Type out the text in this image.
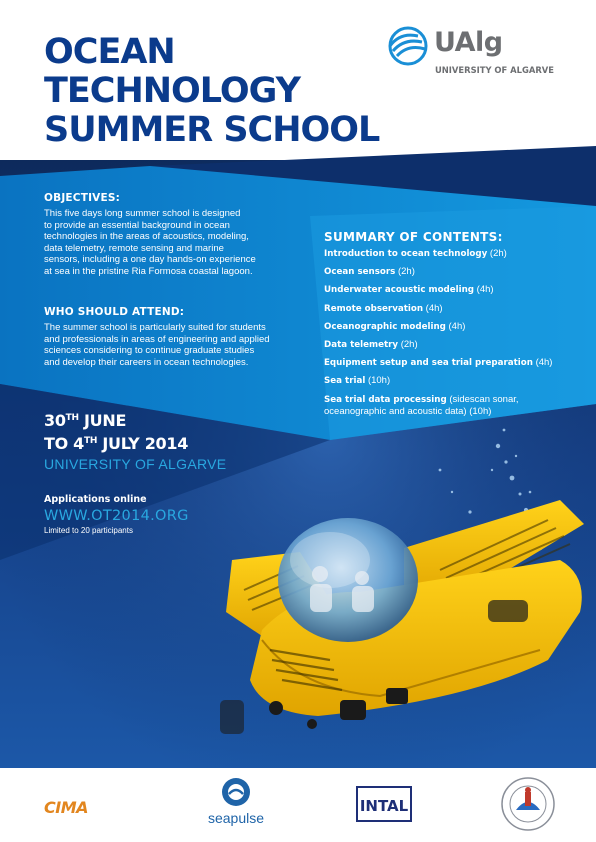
OCEAN
TECHNOLOGY
SUMMER SCHOOL
UAlg
UNIVERSITY OF ALGARVE
OBJECTIVES:
This five days long summer school is designed
to provide an essential background in ocean
technologies in the areas of acoustics, modeling,
data telemetry, remote sensing and marine
sensors, including a one day hands-on experience
at sea in the pristine Ria Formosa coastal lagoon.
WHO SHOULD ATTEND:
The summer school is particularly suited for students
and professionals in areas of engineering and applied
sciences considering to continue graduate studies
and develop their careers in ocean technologies.
SUMMARY OF CONTENTS:
Introduction to ocean technology (2h)
Ocean sensors (2h)
Underwater acoustic modeling (4h)
Remote observation (4h)
Oceanographic modeling (4h)
Data telemetry (2h)
Equipment setup and sea trial preparation (4h)
Sea trial (10h)
Sea trial data processing (sidescan sonar, oceanographic and acoustic data) (10h)
30TH JUNE
TO 4TH JULY 2014
UNIVERSITY OF ALGARVE
Applications online
WWW.OT2014.ORG
Limited to 20 participants
CIMA
seapulse
INTAL
